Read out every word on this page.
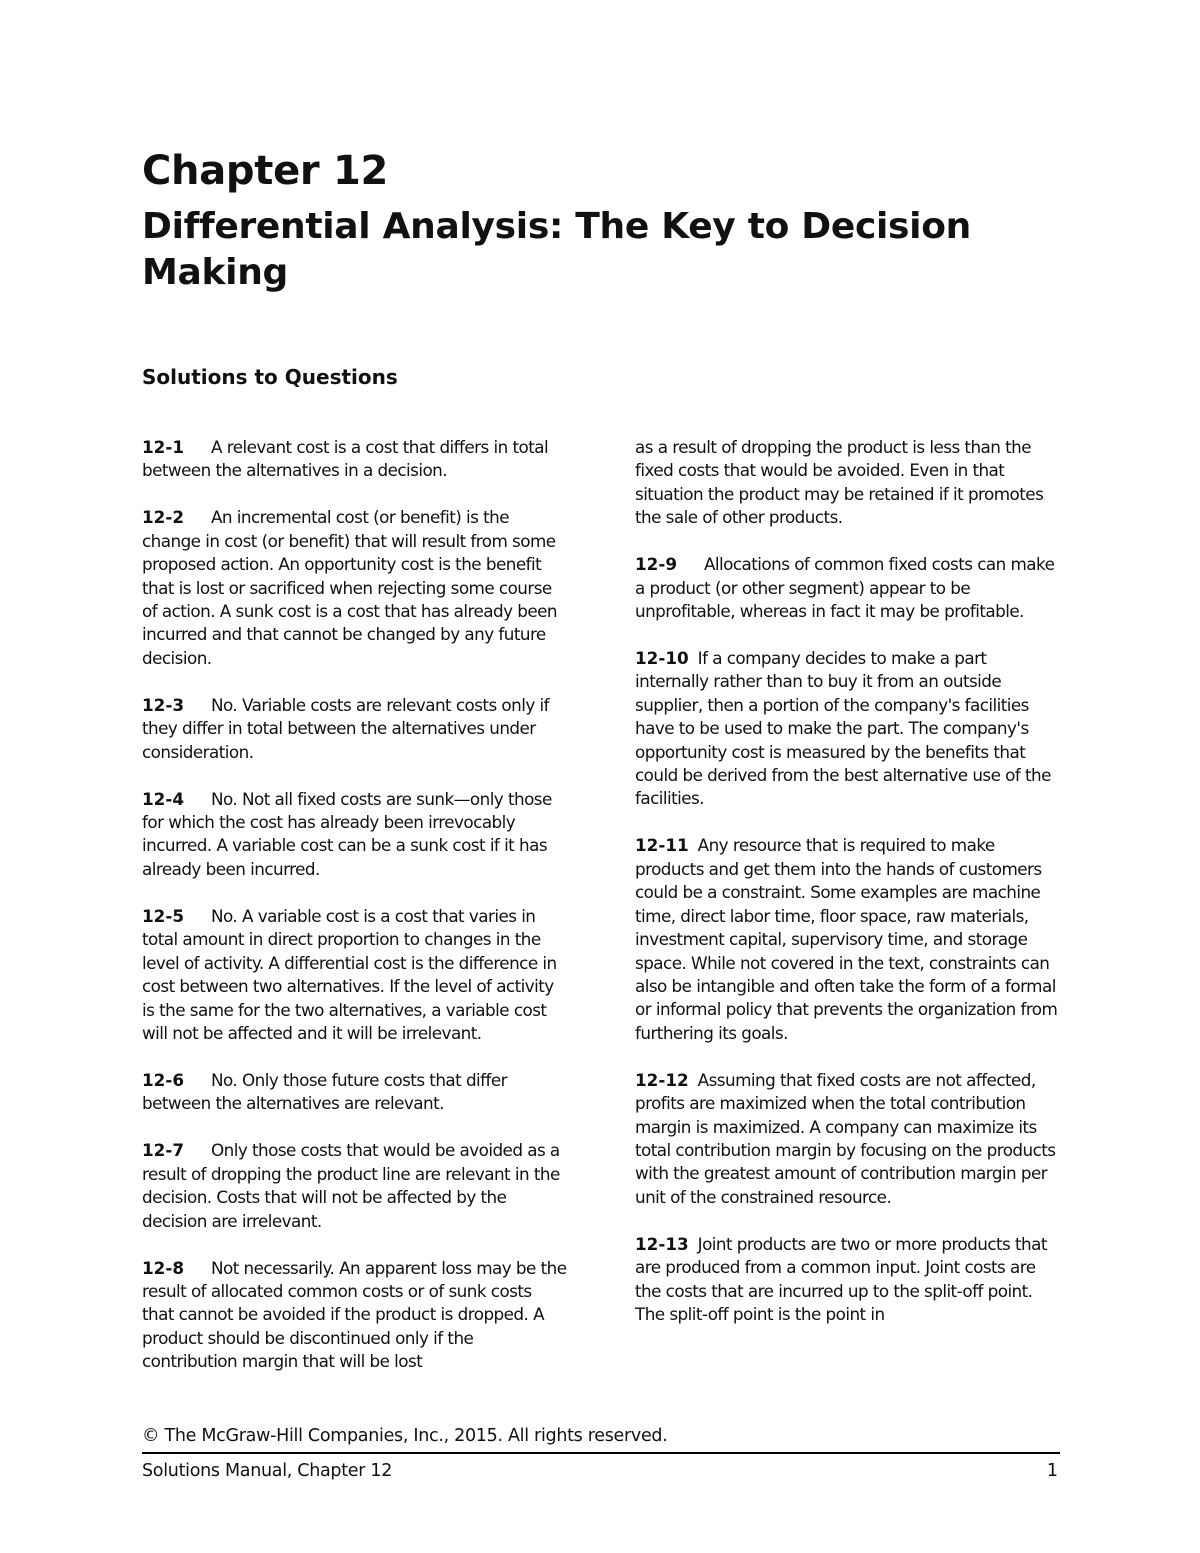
Chapter 12
Differential Analysis: The Key to Decision Making
Solutions to Questions

12-1 A relevant cost is a cost that differs in total between the alternatives in a decision.

12-2 An incremental cost (or benefit) is the change in cost (or benefit) that will result from some proposed action. An opportunity cost is the benefit that is lost or sacrificed when rejecting some course of action. A sunk cost is a cost that has already been incurred and that cannot be changed by any future decision.

12-3 No. Variable costs are relevant costs only if they differ in total between the alternatives under consideration.

12-4 No. Not all fixed costs are sunk—only those for which the cost has already been irrevocably incurred. A variable cost can be a sunk cost if it has already been incurred.

12-5 No. A variable cost is a cost that varies in total amount in direct proportion to changes in the level of activity. A differential cost is the difference in cost between two alternatives. If the level of activity is the same for the two alternatives, a variable cost will not be affected and it will be irrelevant.

12-6 No. Only those future costs that differ between the alternatives are relevant.

12-7 Only those costs that would be avoided as a result of dropping the product line are relevant in the decision. Costs that will not be affected by the decision are irrelevant.

12-8 Not necessarily. An apparent loss may be the result of allocated common costs or of sunk costs that cannot be avoided if the product is dropped. A product should be discontinued only if the contribution margin that will be lost

as a result of dropping the product is less than the fixed costs that would be avoided. Even in that situation the product may be retained if it promotes the sale of other products.

12-9 Allocations of common fixed costs can make a product (or other segment) appear to be unprofitable, whereas in fact it may be profitable.

12-10 If a company decides to make a part internally rather than to buy it from an outside supplier, then a portion of the company's facilities have to be used to make the part. The company's opportunity cost is measured by the benefits that could be derived from the best alternative use of the facilities.

12-11 Any resource that is required to make products and get them into the hands of customers could be a constraint. Some examples are machine time, direct labor time, floor space, raw materials, investment capital, supervisory time, and storage space. While not covered in the text, constraints can also be intangible and often take the form of a formal or informal policy that prevents the organization from furthering its goals.

12-12 Assuming that fixed costs are not affected, profits are maximized when the total contribution margin is maximized. A company can maximize its total contribution margin by focusing on the products with the greatest amount of contribution margin per unit of the constrained resource.

12-13 Joint products are two or more products that are produced from a common input. Joint costs are the costs that are incurred up to the split-off point. The split-off point is the point in

© The McGraw-Hill Companies, Inc., 2015. All rights reserved.
Solutions Manual, Chapter 12	1
